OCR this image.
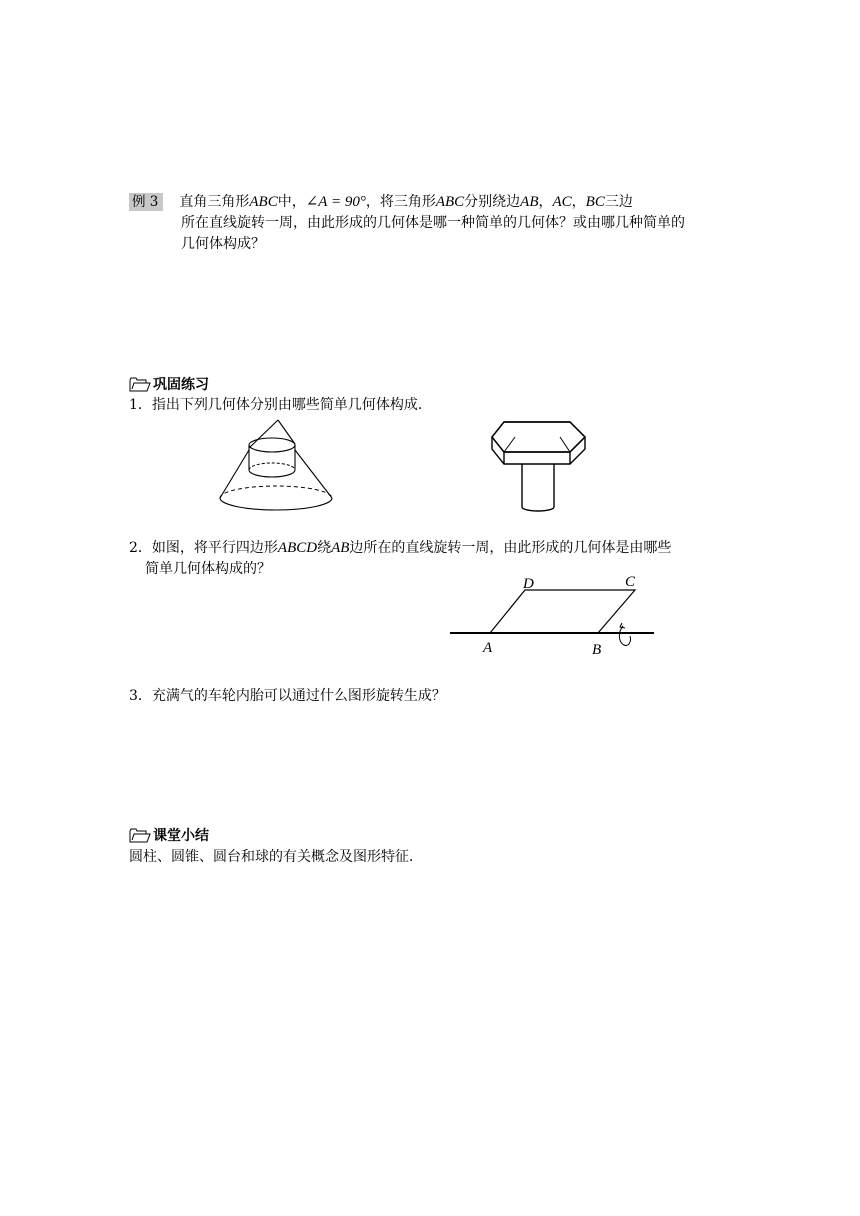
例 3 直角三角形ABC中，∠A = 90°，将三角形ABC分别绕边AB，AC，BC三边
所在直线旋转一周，由此形成的几何体是哪一种简单的几何体？或由哪几种简单的
几何体构成？
巩固练习
1．指出下列几何体分别由哪些简单几何体构成．
2．如图，将平行四边形ABCD绕AB边所在的直线旋转一周，由此形成的几何体是由哪些
简单几何体构成的？
D	C
A	B
3．充满气的车轮内胎可以通过什么图形旋转生成？
课堂小结
圆柱、圆锥、圆台和球的有关概念及图形特征．
